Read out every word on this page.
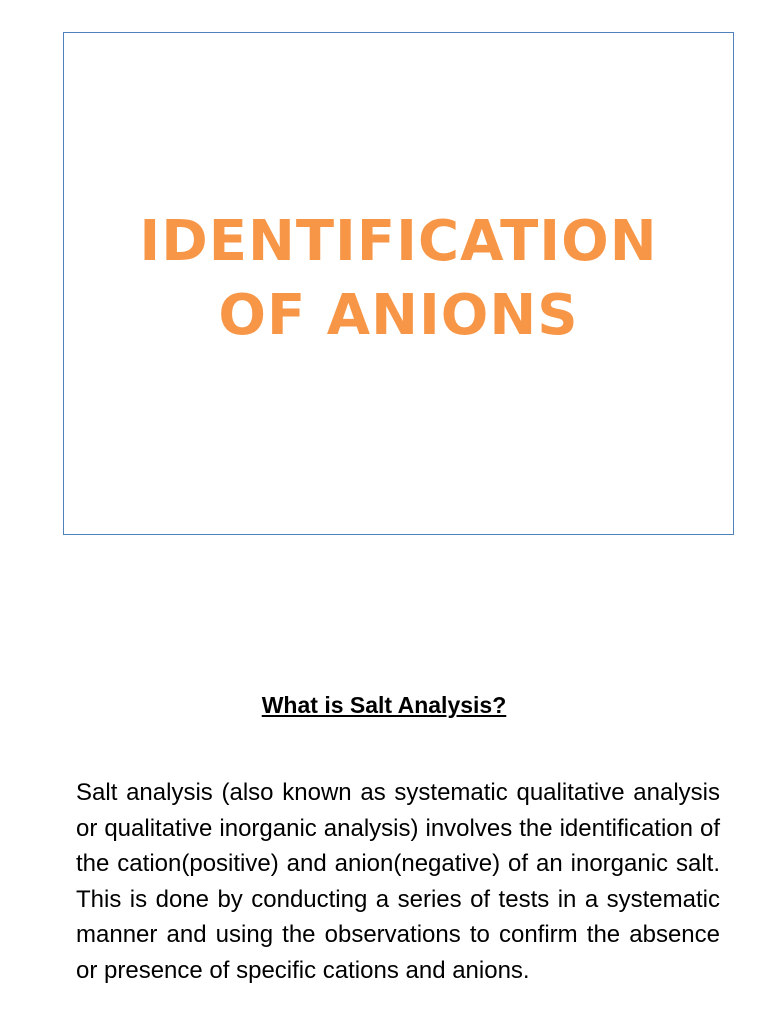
IDENTIFICATION
OF ANIONS
What is Salt Analysis?

Salt analysis (also known as systematic qualitative analysis or qualitative inorganic analysis) involves the identification of the cation(positive) and anion(negative) of an inorganic salt. This is done by conducting a series of tests in a systematic manner and using the observations to confirm the absence or presence of specific cations and anions.
